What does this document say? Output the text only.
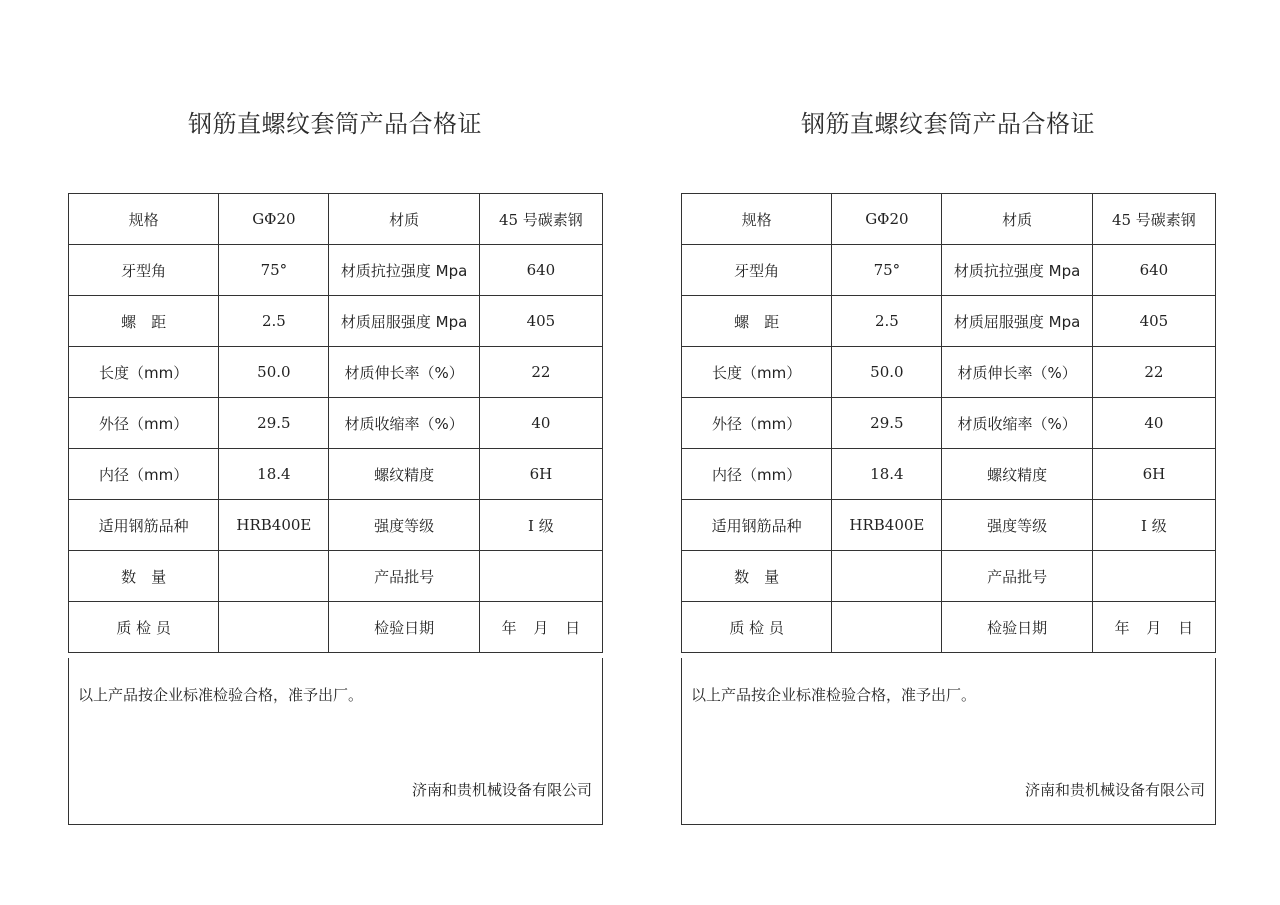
钢筋直螺纹套筒产品合格证
规格	GΦ20	材质	45 号碳素钢
牙型角	75°	材质抗拉强度 Mpa	640
螺　距	2.5	材质屈服强度 Mpa	405
长度（mm）	50.0	材质伸长率（%）	22
外径（mm）	29.5	材质收缩率（%）	40
内径（mm）	18.4	螺纹精度	6H
适用钢筋品种	HRB400E	强度等级	I 级
数　量		产品批号	
质 检 员		检验日期	年 月 日
以上产品按企业标准检验合格，准予出厂。
济南和贵机械设备有限公司
钢筋直螺纹套筒产品合格证
规格	GΦ20	材质	45 号碳素钢
牙型角	75°	材质抗拉强度 Mpa	640
螺　距	2.5	材质屈服强度 Mpa	405
长度（mm）	50.0	材质伸长率（%）	22
外径（mm）	29.5	材质收缩率（%）	40
内径（mm）	18.4	螺纹精度	6H
适用钢筋品种	HRB400E	强度等级	I 级
数　量		产品批号	
质 检 员		检验日期	年 月 日
以上产品按企业标准检验合格，准予出厂。
济南和贵机械设备有限公司
